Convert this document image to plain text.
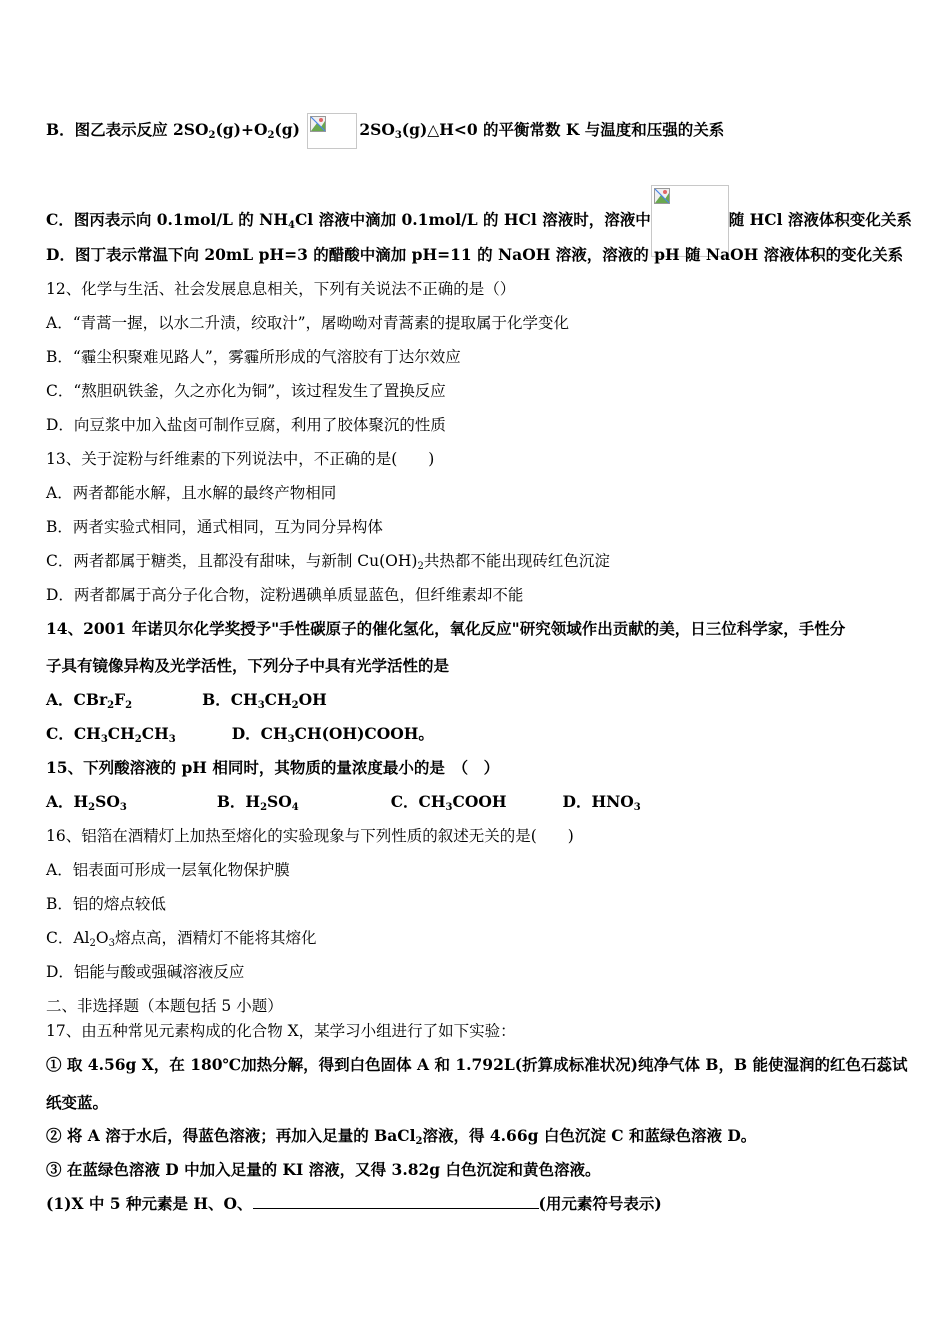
B．图乙表示反应 $2SO_2(g)+O_2(g)$	$2SO_3(g)\triangle H<0$ 的平衡常数 K 与温度和压强的关系
C．图丙表示向 0.1mol/L 的 $NH_4Cl$ 溶液中滴加 0.1mol/L 的 HCl 溶液时，溶液中	随 HCl 溶液体积变化关系
D．图丁表示常温下向 20mL pH=3 的醋酸中滴加 pH=11 的 NaOH 溶液，溶液的 pH 随 NaOH 溶液体积的变化关系
12、化学与生活、社会发展息息相关，下列有关说法不正确的是（）
A．“青蒿一握，以水二升渍，绞取汁”，屠呦呦对青蒿素的提取属于化学变化
B．“霾尘积聚难见路人”，雾霾所形成的气溶胶有丁达尔效应
C．“熬胆矾铁釜，久之亦化为铜”，该过程发生了置换反应
D．向豆浆中加入盐卤可制作豆腐，利用了胶体聚沉的性质
13、关于淀粉与纤维素的下列说法中，不正确的是(　　)
A．两者都能水解，且水解的最终产物相同
B．两者实验式相同，通式相同，互为同分异构体
C．两者都属于糖类，且都没有甜味，与新制 $Cu(OH)_2$共热都不能出现砖红色沉淀
D．两者都属于高分子化合物，淀粉遇碘单质显蓝色，但纤维素却不能
14、2001 年诺贝尔化学奖授予"手性碳原子的催化氢化，氧化反应"研究领域作出贡献的美，日三位科学家，手性分
子具有镜像异构及光学活性，下列分子中具有光学活性的是
A．$CBr_2F_2$	B．$CH_3CH_2OH$
C．$CH_3CH_2CH_3$	D．$CH_3CH(OH)COOH$。
15、下列酸溶液的 pH 相同时，其物质的量浓度最小的是　（　）
A．$H_2SO_3$	B．$H_2SO_4$	C．$CH_3COOH$	D．$HNO_3$
16、铝箔在酒精灯上加热至熔化的实验现象与下列性质的叙述无关的是(　　)
A．铝表面可形成一层氧化物保护膜
B．铝的熔点较低
C．$Al_2O_3$熔点高，酒精灯不能将其熔化
D．铝能与酸或强碱溶液反应
二、非选择题（本题包括 5 小题）
17、由五种常见元素构成的化合物 X，某学习小组进行了如下实验：
① 取 4.56g X，在 180℃加热分解，得到白色固体 A 和 1.792L(折算成标准状况)纯净气体 B，B 能使湿润的红色石蕊试
纸变蓝。
② 将 A 溶于水后，得蓝色溶液；再加入足量的 BaCl$_2$溶液，得 4.66g 白色沉淀 C 和蓝绿色溶液 D。
③ 在蓝绿色溶液 D 中加入足量的 KI 溶液，又得 3.82g 白色沉淀和黄色溶液。
(1)X 中 5 种元素是 H、O、	(用元素符号表示)
